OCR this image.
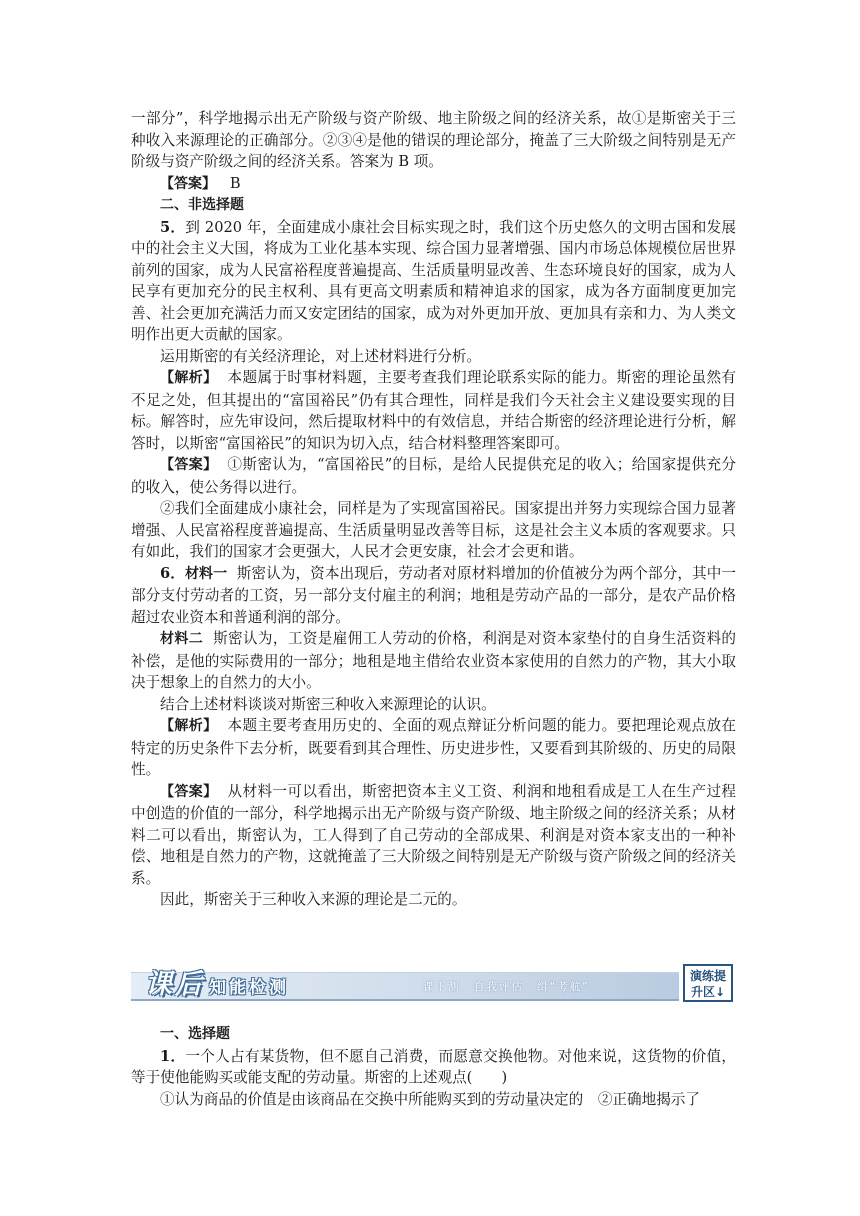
一部分”，科学地揭示出无产阶级与资产阶级、地主阶级之间的经济关系，故①是斯密关于三种收入来源理论的正确部分。②③④是他的错误的理论部分，掩盖了三大阶级之间特别是无产阶级与资产阶级之间的经济关系。答案为 B 项。

【答案】 B

二、非选择题

5．到 2020 年，全面建成小康社会目标实现之时，我们这个历史悠久的文明古国和发展中的社会主义大国，将成为工业化基本实现、综合国力显著增强、国内市场总体规模位居世界前列的国家，成为人民富裕程度普遍提高、生活质量明显改善、生态环境良好的国家，成为人民享有更加充分的民主权利、具有更高文明素质和精神追求的国家，成为各方面制度更加完善、社会更加充满活力而又安定团结的国家，成为对外更加开放、更加具有亲和力、为人类文明作出更大贡献的国家。

运用斯密的有关经济理论，对上述材料进行分析。

【解析】 本题属于时事材料题，主要考查我们理论联系实际的能力。斯密的理论虽然有不足之处，但其提出的“富国裕民”仍有其合理性，同样是我们今天社会主义建设要实现的目标。解答时，应先审设问，然后提取材料中的有效信息，并结合斯密的经济理论进行分析，解答时，以斯密“富国裕民”的知识为切入点，结合材料整理答案即可。

【答案】 ①斯密认为，“富国裕民”的目标，是给人民提供充足的收入；给国家提供充分的收入，使公务得以进行。

②我们全面建成小康社会，同样是为了实现富国裕民。国家提出并努力实现综合国力显著增强、人民富裕程度普遍提高、生活质量明显改善等目标，这是社会主义本质的客观要求。只有如此，我们的国家才会更强大，人民才会更安康，社会才会更和谐。

6．材料一 斯密认为，资本出现后，劳动者对原材料增加的价值被分为两个部分，其中一部分支付劳动者的工资，另一部分支付雇主的利润；地租是劳动产品的一部分，是农产品价格超过农业资本和普通利润的部分。

材料二 斯密认为，工资是雇佣工人劳动的价格，利润是对资本家垫付的自身生活资料的补偿，是他的实际费用的一部分；地租是地主借给农业资本家使用的自然力的产物，其大小取决于想象上的自然力的大小。

结合上述材料谈谈对斯密三种收入来源理论的认识。

【解析】 本题主要考查用历史的、全面的观点辩证分析问题的能力。要把理论观点放在特定的历史条件下去分析，既要看到其合理性、历史进步性，又要看到其阶级的、历史的局限性。

【答案】 从材料一可以看出，斯密把资本主义工资、利润和地租看成是工人在生产过程中创造的价值的一部分，科学地揭示出无产阶级与资产阶级、地主阶级之间的经济关系；从材料二可以看出，斯密认为，工人得到了自己劳动的全部成果、利润是对资本家支出的一种补偿、地租是自然力的产物，这就掩盖了三大阶级之间特别是无产阶级与资产阶级之间的经济关系。

因此，斯密关于三种收入来源的理论是二元的。

课后 知能检测	课下测 自我评估 缉“考航”
演练提
升区↓

一、选择题

1．一个人占有某货物，但不愿自己消费，而愿意交换他物。对他来说，这货物的价值，等于使他能购买或能支配的劳动量。斯密的上述观点(　　)

①认为商品的价值是由该商品在交换中所能购买到的劳动量决定的　②正确地揭示了
